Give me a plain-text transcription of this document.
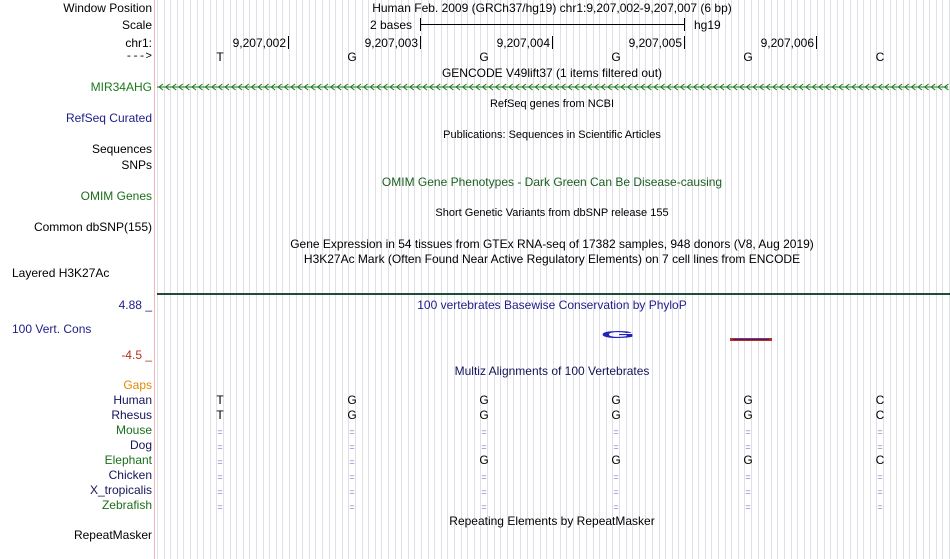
Window Position	Human Feb. 2009 (GRCh37/hg19) chr1:9,207,002-9,207,007 (6 bp)
Scale	2 bases	hg19
chr1:	9,207,002	9,207,003	9,207,004	9,207,005	9,207,006
--->	T	G	G	G	G	C
GENCODE V49lift37 (1 items filtered out)
MIR34AHG
RefSeq genes from NCBI
RefSeq Curated
Publications: Sequences in Scientific Articles
Sequences
SNPs
OMIM Gene Phenotypes - Dark Green Can Be Disease-causing
OMIM Genes
Short Genetic Variants from dbSNP release 155
Common dbSNP(155)
Gene Expression in 54 tissues from GTEx RNA-seq of 17382 samples, 948 donors (V8, Aug 2019)
H3K27Ac Mark (Often Found Near Active Regulatory Elements) on 7 cell lines from ENCODE
Layered H3K27Ac
100 vertebrates Basewise Conservation by PhyloP
4.88 _
100 Vert. Cons
-4.5 _
G
Multiz Alignments of 100 Vertebrates
Gaps
Human	T	G	G	G	G	C
Rhesus	T	G	G	G	G	C
Mouse	=	=	=	=	=	=
Dog	=	=	=	=	=	=
Elephant	=	=	G	G	G	C
Chicken	=	=	=	=	=	=
X_tropicalis	=	=	=	=	=	=
Zebrafish	=	=	=	=	=	=
Repeating Elements by RepeatMasker
RepeatMasker
